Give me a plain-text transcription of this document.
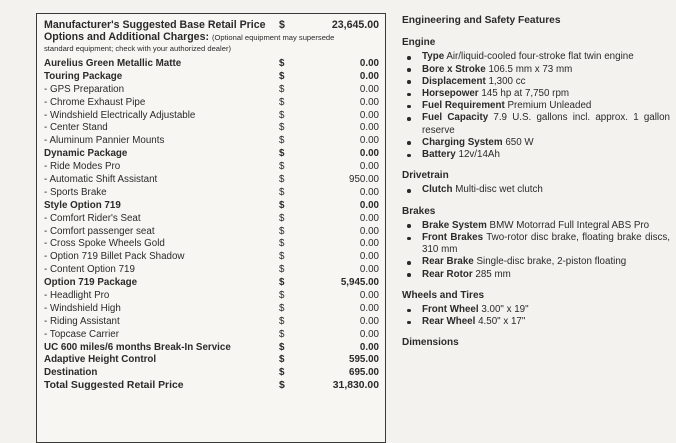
Manufacturer's Suggested Base Retail Price	$	23,645.00
Options and Additional Charges: (Optional equipment may supersede
standard equipment; check with your authorized dealer)
Aurelius Green Metallic Matte	$	0.00
Touring Package	$	0.00
- GPS Preparation	$	0.00
- Chrome Exhaust Pipe	$	0.00
- Windshield Electrically Adjustable	$	0.00
- Center Stand	$	0.00
- Aluminum Pannier Mounts	$	0.00
Dynamic Package	$	0.00
- Ride Modes Pro	$	0.00
- Automatic Shift Assistant	$	950.00
- Sports Brake	$	0.00
Style Option 719	$	0.00
- Comfort Rider's Seat	$	0.00
- Comfort passenger seat	$	0.00
- Cross Spoke Wheels Gold	$	0.00
- Option 719 Billet Pack Shadow	$	0.00
- Content Option 719	$	0.00
Option 719 Package	$	5,945.00
- Headlight Pro	$	0.00
- Windshield High	$	0.00
- Riding Assistant	$	0.00
- Topcase Carrier	$	0.00
UC 600 miles/6 months Break-In Service	$	0.00
Adaptive Height Control	$	595.00
Destination	$	695.00
Total Suggested Retail Price	$	31,830.00
Engineering and Safety Features
Engine
Type Air/liquid-cooled four-stroke flat twin engine
Bore x Stroke 106.5 mm x 73 mm
Displacement 1,300 cc
Horsepower 145 hp at 7,750 rpm
Fuel Requirement Premium Unleaded
Fuel Capacity 7.9 U.S. gallons incl. approx. 1 gallon reserve
Charging System 650 W
Battery 12v/14Ah
Drivetrain
Clutch Multi-disc wet clutch
Brakes
Brake System BMW Motorrad Full Integral ABS Pro
Front Brakes Two-rotor disc brake, floating brake discs, 310 mm
Rear Brake Single-disc brake, 2-piston floating
Rear Rotor 285 mm
Wheels and Tires
Front Wheel 3.00" x 19"
Rear Wheel 4.50" x 17"
Dimensions
